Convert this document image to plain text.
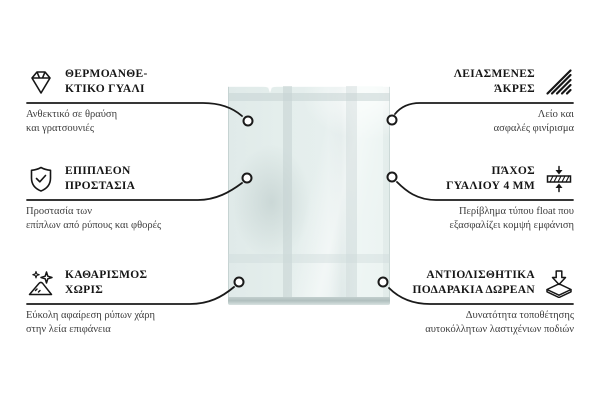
ΘΕΡΜΟΑΝΘΕ-
ΚΤΙΚΟ ΓΥΑΛΙ
Ανθεκτικό σε θραύση
και γρατσουνιές
ΕΠΙΠΛΕΟΝ
ΠΡΟΣΤΑΣΙΑ
Προστασία των
επίπλων από ρύπους και φθορές
ΚΑΘΑΡΙΣΜΟΣ
ΧΩΡΙΣ
Εύκολη αφαίρεση ρύπων χάρη
στην λεία επιφάνεια
ΛΕΙΑΣΜΕΝΕΣ
ΆΚΡΕΣ
Λείο και
ασφαλές φινίρισμα
ΠΆΧΟΣ
ΓΥΑΛΙΟΥ 4 MM
Περίβλημα τύπου float που
εξασφαλίζει κομψή εμφάνιση
ΑΝΤΙΟΛΙΣΘΗΤΙΚΑ
ΠΟΔΑΡΑΚΙΑ ΔΩΡΕΑΝ
Δυνατότητα τοποθέτησης
αυτοκόλλητων λαστιχένιων ποδιών
